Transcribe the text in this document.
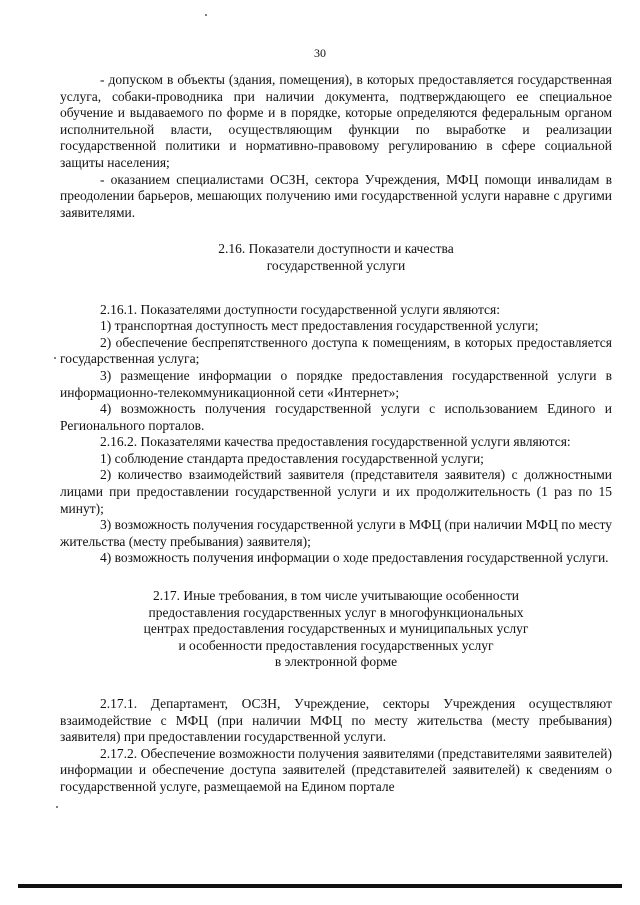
30

- допуском в объекты (здания, помещения), в которых предоставляется государственная услуга, собаки-проводника при наличии документа, подтверждающего ее специальное обучение и выдаваемого по форме и в порядке, которые определяются федеральным органом исполнительной власти, осуществляющим функции по выработке и реализации государственной политики и нормативно-правовому регулированию в сфере социальной защиты населения;

- оказанием специалистами ОСЗН, сектора Учреждения, МФЦ помощи инвалидам в преодолении барьеров, мешающих получению ими государственной услуги наравне с другими заявителями.

2.16. Показатели доступности и качества
государственной услуги

2.16.1. Показателями доступности государственной услуги являются:

1) транспортная доступность мест предоставления государственной услуги;

2) обеспечение беспрепятственного доступа к помещениям, в которых предоставляется государственная услуга;

3) размещение информации о порядке предоставления государственной услуги в информационно-телекоммуникационной сети «Интернет»;

4) возможность получения государственной услуги с использованием Единого и Регионального порталов.

2.16.2. Показателями качества предоставления государственной услуги являются:

1) соблюдение стандарта предоставления государственной услуги;

2) количество взаимодействий заявителя (представителя заявителя) с должностными лицами при предоставлении государственной услуги и их продолжительность (1 раз по 15 минут);

3) возможность получения государственной услуги в МФЦ (при наличии МФЦ по месту жительства (месту пребывания) заявителя);

4) возможность получения информации о ходе предоставления государственной услуги.

2.17. Иные требования, в том числе учитывающие особенности
предоставления государственных услуг в многофункциональных
центрах предоставления государственных и муниципальных услуг
и особенности предоставления государственных услуг
в электронной форме

2.17.1. Департамент, ОСЗН, Учреждение, секторы Учреждения осуществляют взаимодействие с МФЦ (при наличии МФЦ по месту жительства (месту пребывания) заявителя) при предоставлении государственной услуги.

2.17.2. Обеспечение возможности получения заявителями (представителями заявителей) информации и обеспечение доступа заявителей (представителей заявителей) к сведениям о государственной услуге, размещаемой на Едином портале
